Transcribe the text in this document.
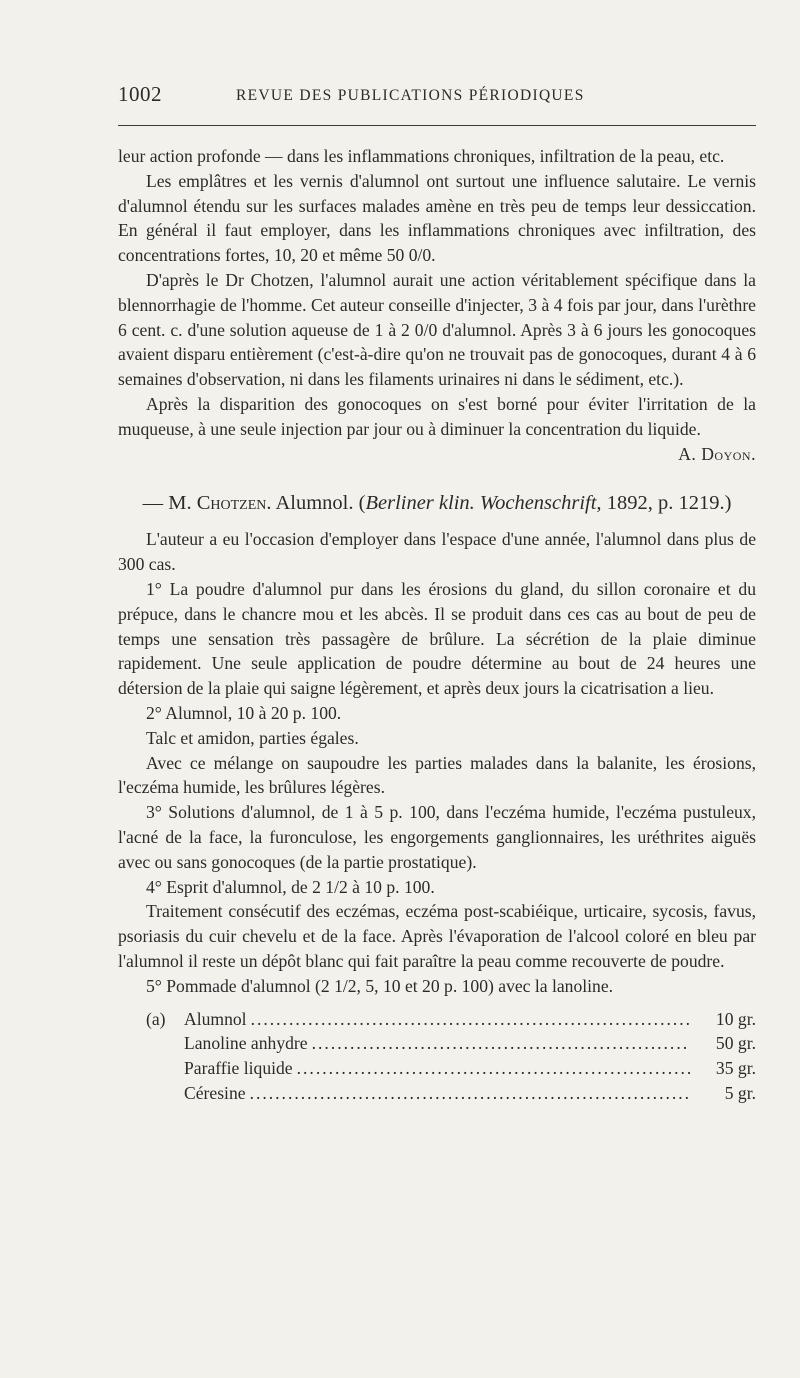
1002	REVUE DES PUBLICATIONS PÉRIODIQUES

leur action profonde — dans les inflammations chroniques, infiltration de la peau, etc.

Les emplâtres et les vernis d'alumnol ont surtout une influence salutaire. Le vernis d'alumnol étendu sur les surfaces malades amène en très peu de temps leur dessiccation. En général il faut employer, dans les inflammations chroniques avec infiltration, des concentrations fortes, 10, 20 et même 50 0/0.

D'après le Dr Chotzen, l'alumnol aurait une action véritablement spécifique dans la blennorrhagie de l'homme. Cet auteur conseille d'injecter, 3 à 4 fois par jour, dans l'urèthre 6 cent. c. d'une solution aqueuse de 1 à 2 0/0 d'alumnol. Après 3 à 6 jours les gonocoques avaient disparu entièrement (c'est-à-dire qu'on ne trouvait pas de gonocoques, durant 4 à 6 semaines d'observation, ni dans les filaments urinaires ni dans le sédiment, etc.).

Après la disparition des gonocoques on s'est borné pour éviter l'irritation de la muqueuse, à une seule injection par jour ou à diminuer la concentration du liquide.

A. Doyon.
— M. Chotzen. Alumnol. (Berliner klin. Wochenschrift, 1892, p. 1219.)

L'auteur a eu l'occasion d'employer dans l'espace d'une année, l'alumnol dans plus de 300 cas.

1° La poudre d'alumnol pur dans les érosions du gland, du sillon coronaire et du prépuce, dans le chancre mou et les abcès. Il se produit dans ces cas au bout de peu de temps une sensation très passagère de brûlure. La sécrétion de la plaie diminue rapidement. Une seule application de poudre détermine au bout de 24 heures une détersion de la plaie qui saigne légèrement, et après deux jours la cicatrisation a lieu.

2° Alumnol, 10 à 20 p. 100.

Talc et amidon, parties égales.

Avec ce mélange on saupoudre les parties malades dans la balanite, les érosions, l'eczéma humide, les brûlures légères.

3° Solutions d'alumnol, de 1 à 5 p. 100, dans l'eczéma humide, l'eczéma pustuleux, l'acné de la face, la furonculose, les engorgements ganglionnaires, les uréthrites aiguës avec ou sans gonocoques (de la partie prostatique).

4° Esprit d'alumnol, de 2 1/2 à 10 p. 100.

Traitement consécutif des eczémas, eczéma post-scabiéique, urticaire, sycosis, favus, psoriasis du cuir chevelu et de la face. Après l'évaporation de l'alcool coloré en bleu par l'alumnol il reste un dépôt blanc qui fait paraître la peau comme recouverte de poudre.

5° Pommade d'alumnol (2 1/2, 5, 10 et 20 p. 100) avec la lanoline.

(a)	Alumnol .....	10 gr.
Lanoline anhydre .....	50 gr.
Paraffie liquide .....	35 gr.
Céresine .....	5 gr.
